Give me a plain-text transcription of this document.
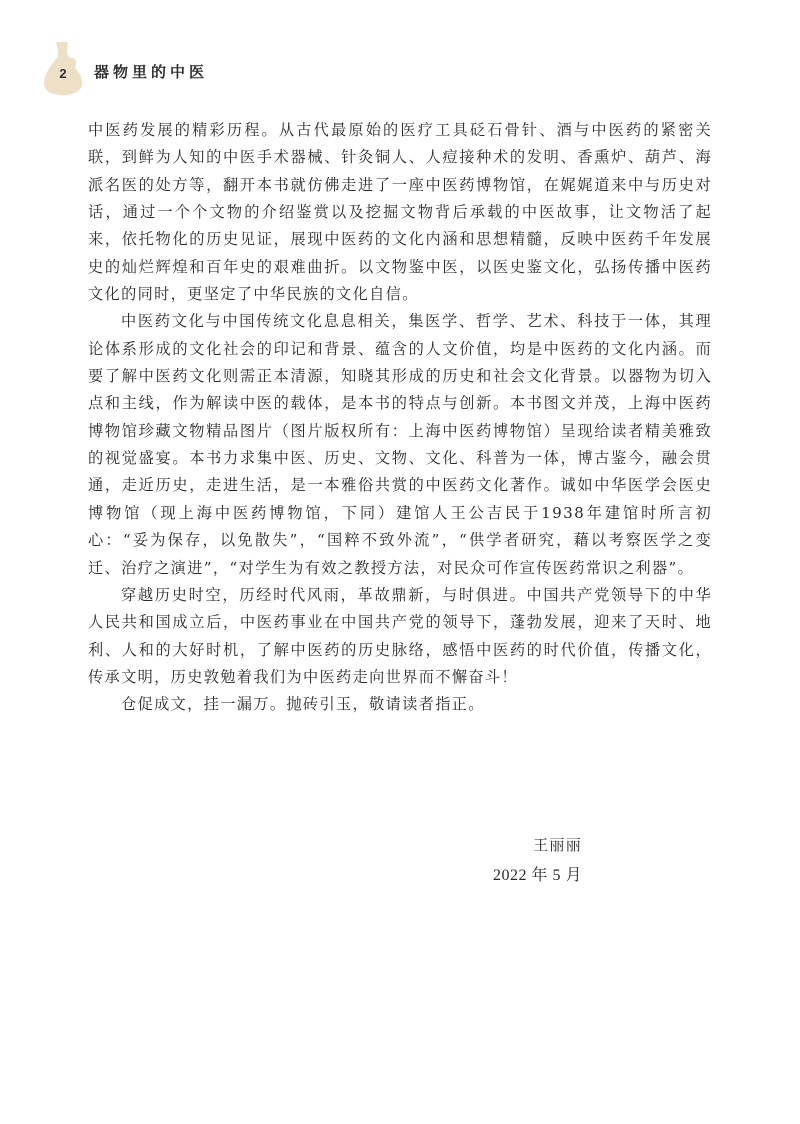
2	器物里的中医

中医药发展的精彩历程。从古代最原始的医疗工具砭石骨针、酒与中医药的紧密关联，到鲜为人知的中医手术器械、针灸铜人、人痘接种术的发明、香熏炉、葫芦、海派名医的处方等，翻开本书就仿佛走进了一座中医药博物馆，在娓娓道来中与历史对话，通过一个个文物的介绍鉴赏以及挖掘文物背后承载的中医故事，让文物活了起来，依托物化的历史见证，展现中医药的文化内涵和思想精髓，反映中医药千年发展史的灿烂辉煌和百年史的艰难曲折。以文物鉴中医，以医史鉴文化，弘扬传播中医药文化的同时，更坚定了中华民族的文化自信。

中医药文化与中国传统文化息息相关，集医学、哲学、艺术、科技于一体，其理论体系形成的文化社会的印记和背景、蕴含的人文价值，均是中医药的文化内涵。而要了解中医药文化则需正本清源，知晓其形成的历史和社会文化背景。以器物为切入点和主线，作为解读中医的载体，是本书的特点与创新。本书图文并茂，上海中医药博物馆珍藏文物精品图片（图片版权所有：上海中医药博物馆）呈现给读者精美雅致的视觉盛宴。本书力求集中医、历史、文物、文化、科普为一体，博古鉴今，融会贯通，走近历史，走进生活，是一本雅俗共赏的中医药文化著作。诚如中华医学会医史博物馆（现上海中医药博物馆，下同）建馆人王公吉民于1938年建馆时所言初心：“妥为保存，以免散失”，“国粹不致外流”，“供学者研究，藉以考察医学之变迁、治疗之演进”，“对学生为有效之教授方法，对民众可作宣传医药常识之利器”。

穿越历史时空，历经时代风雨，革故鼎新，与时俱进。中国共产党领导下的中华人民共和国成立后，中医药事业在中国共产党的领导下，蓬勃发展，迎来了天时、地利、人和的大好时机，了解中医药的历史脉络，感悟中医药的时代价值，传播文化，传承文明，历史敦勉着我们为中医药走向世界而不懈奋斗！

仓促成文，挂一漏万。抛砖引玉，敬请读者指正。

王丽丽
2022 年 5 月
